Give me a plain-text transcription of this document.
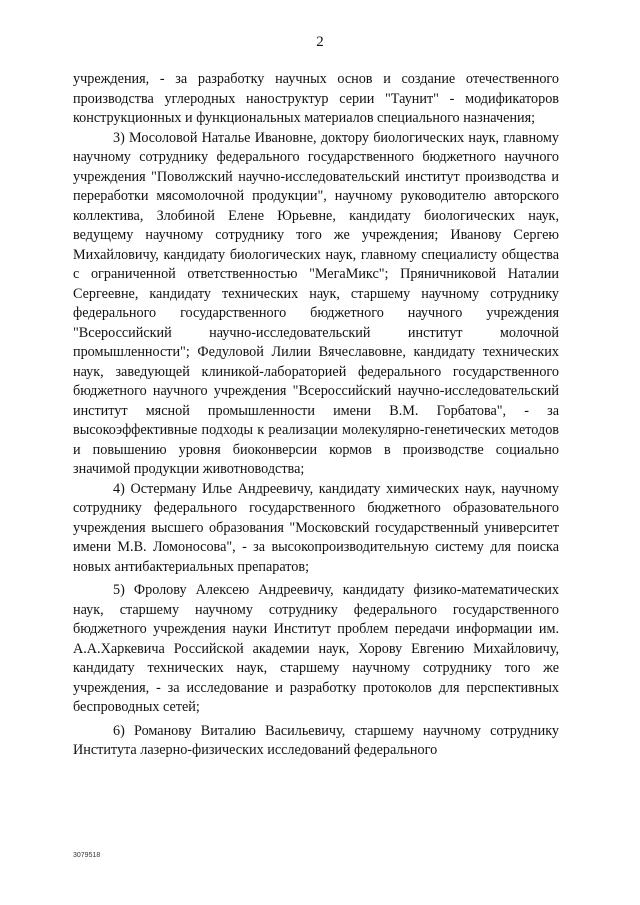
2

учреждения, - за разработку научных основ и создание отечественного производства углеродных наноструктур серии "Таунит" - модификаторов конструкционных и функциональных материалов специального назначения;

3) Мосоловой Наталье Ивановне, доктору биологических наук, главному научному сотруднику федерального государственного бюджетного научного учреждения "Поволжский научно-исследовательский институт производства и переработки мясомолочной продукции", научному руководителю авторского коллектива, Злобиной Елене Юрьевне, кандидату биологических наук, ведущему научному сотруднику того же учреждения; Иванову Сергею Михайловичу, кандидату биологических наук, главному специалисту общества с ограниченной ответственностью "МегаМикс"; Пряничниковой Наталии Сергеевне, кандидату технических наук, старшему научному сотруднику федерального государственного бюджетного научного учреждения "Всероссийский научно-исследовательский институт молочной промышленности"; Федуловой Лилии Вячеславовне, кандидату технических наук, заведующей клиникой-лабораторией федерального государственного бюджетного научного учреждения "Всероссийский научно-исследовательский институт мясной промышленности имени В.М. Горбатова", - за высокоэффективные подходы к реализации молекулярно-генетических методов и повышению уровня биоконверсии кормов в производстве социально значимой продукции животноводства;

4) Остерману Илье Андреевичу, кандидату химических наук, научному сотруднику федерального государственного бюджетного образовательного учреждения высшего образования "Московский государственный университет имени М.В. Ломоносова", - за высокопроизводительную систему для поиска новых антибактериальных препаратов;

5) Фролову Алексею Андреевичу, кандидату физико-математических наук, старшему научному сотруднику федерального государственного бюджетного учреждения науки Институт проблем передачи информации им. А.А.Харкевича Российской академии наук, Хорову Евгению Михайловичу, кандидату технических наук, старшему научному сотруднику того же учреждения, - за исследование и разработку протоколов для перспективных беспроводных сетей;

6) Романову Виталию Васильевичу, старшему научному сотруднику Института лазерно-физических исследований федерального

3079518
